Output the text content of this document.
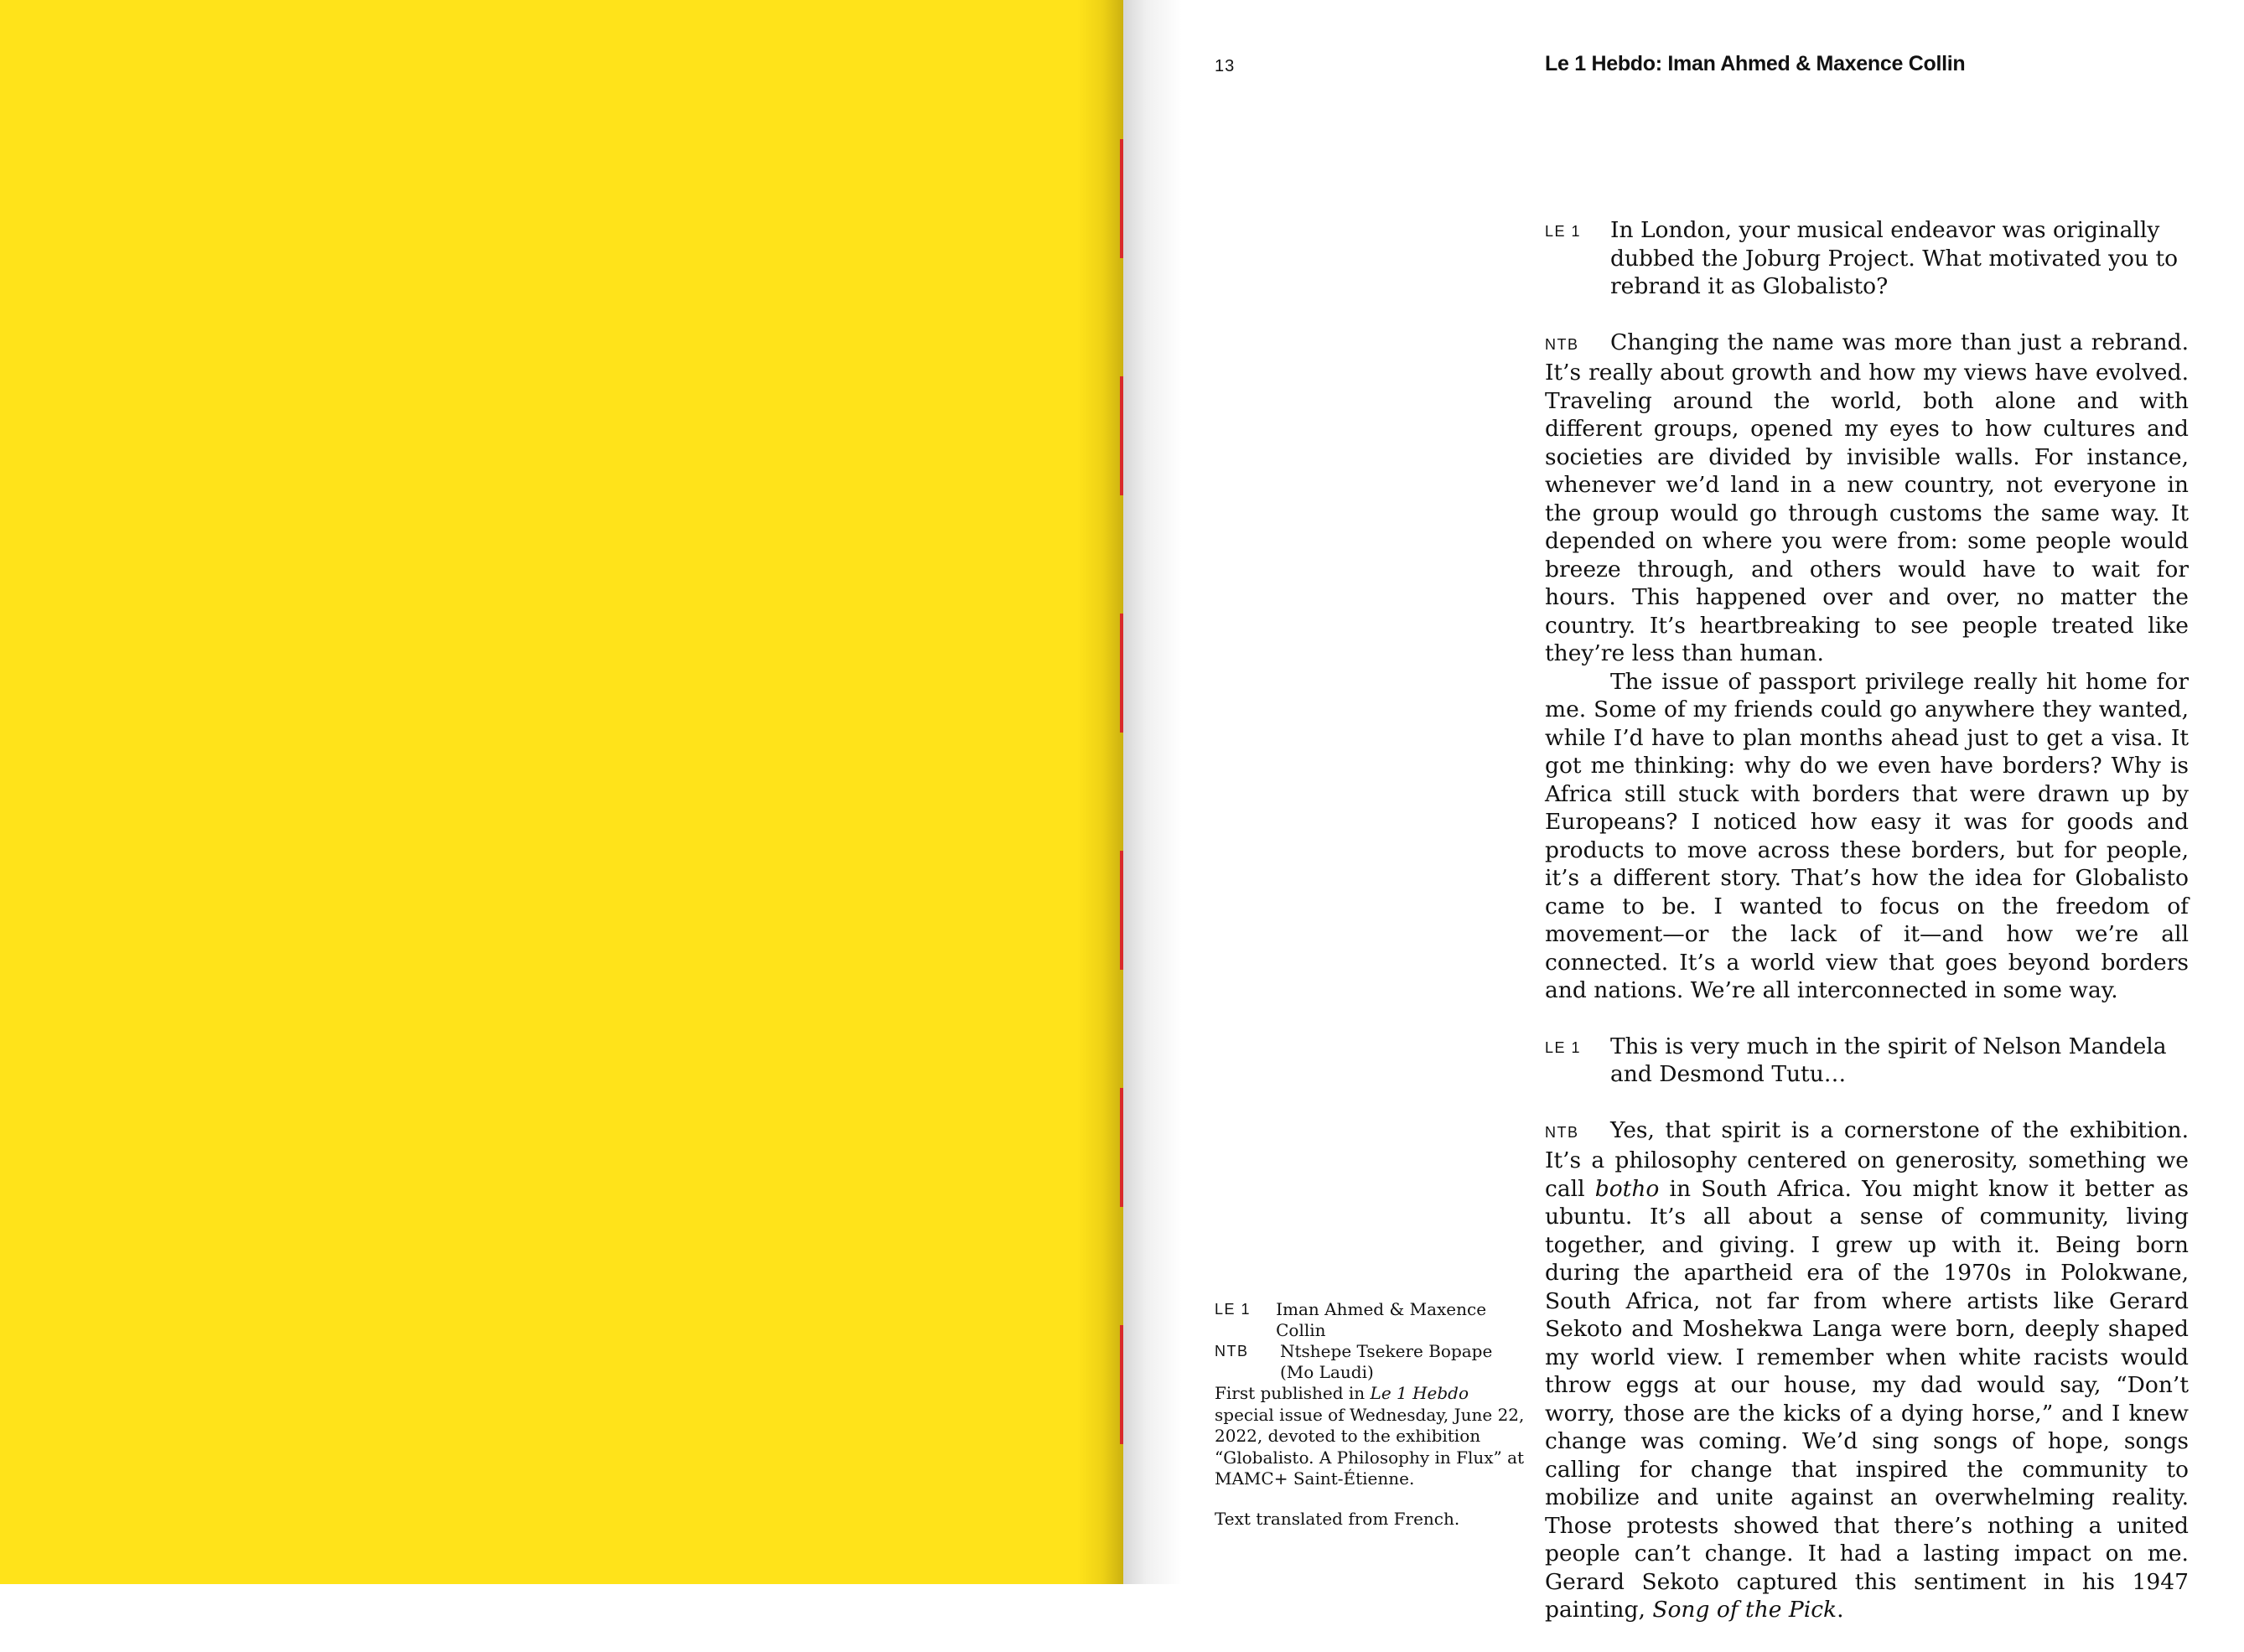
13	Le 1 Hebdo: Iman Ahmed & Maxence Collin
LE 1 In London, your musical endeavor was originally dubbed the Joburg Project. What motivated you to rebrand it as Globalisto?

NTB Changing the name was more than just a rebrand. It’s really about growth and how my views have evolved. Traveling around the world, both alone and with different groups, opened my eyes to how cultures and societies are divided by invisible walls. For instance, whenever we’d land in a new country, not everyone in the group would go through customs the same way. It depended on where you were from: some people would breeze through, and others would have to wait for hours. This happened over and over, no matter the country. It’s heartbreaking to see people treated like they’re less than human.

The issue of passport privilege really hit home for me. Some of my friends could go anywhere they wanted, while I’d have to plan months ahead just to get a visa. It got me thinking: why do we even have borders? Why is Africa still stuck with borders that were drawn up by Europeans? I noticed how easy it was for goods and products to move across these borders, but for people, it’s a different story. That’s how the idea for Globalisto came to be. I wanted to focus on the freedom of movement—or the lack of it—and how we’re all connected. It’s a world view that goes beyond borders and nations. We’re all interconnected in some way.

LE 1 This is very much in the spirit of Nelson Mandela and Desmond Tutu…

NTB Yes, that spirit is a cornerstone of the exhibition. It’s a philosophy centered on generosity, something we call botho in South Africa. You might know it better as ubuntu. It’s all about a sense of community, living together, and giving. I grew up with it. Being born during the apartheid era of the 1970s in Polokwane, South Africa, not far from where artists like Gerard Sekoto and Moshekwa Langa were born, deeply shaped my world view. I remember when white racists would throw eggs at our house, my dad would say, “Don’t worry, those are the kicks of a dying horse,” and I knew change was coming. We’d sing songs of hope, songs calling for change that inspired the community to mobilize and unite against an overwhelming reality. Those protests showed that there’s nothing a united people can’t change. It had a lasting impact on me. Gerard Sekoto captured this sentiment in his 1947 painting, Song of the Pick.

LE 1	Iman Ahmed & Maxence Collin
NTB	Ntshepe Tsekere Bopape
(Mo Laudi)
First published in Le 1 Hebdo special issue of Wednesday, June 22, 2022, devoted to the exhibition “Globalisto. A Philosophy in Flux” at MAMC+ Saint-Étienne.
Text translated from French.
